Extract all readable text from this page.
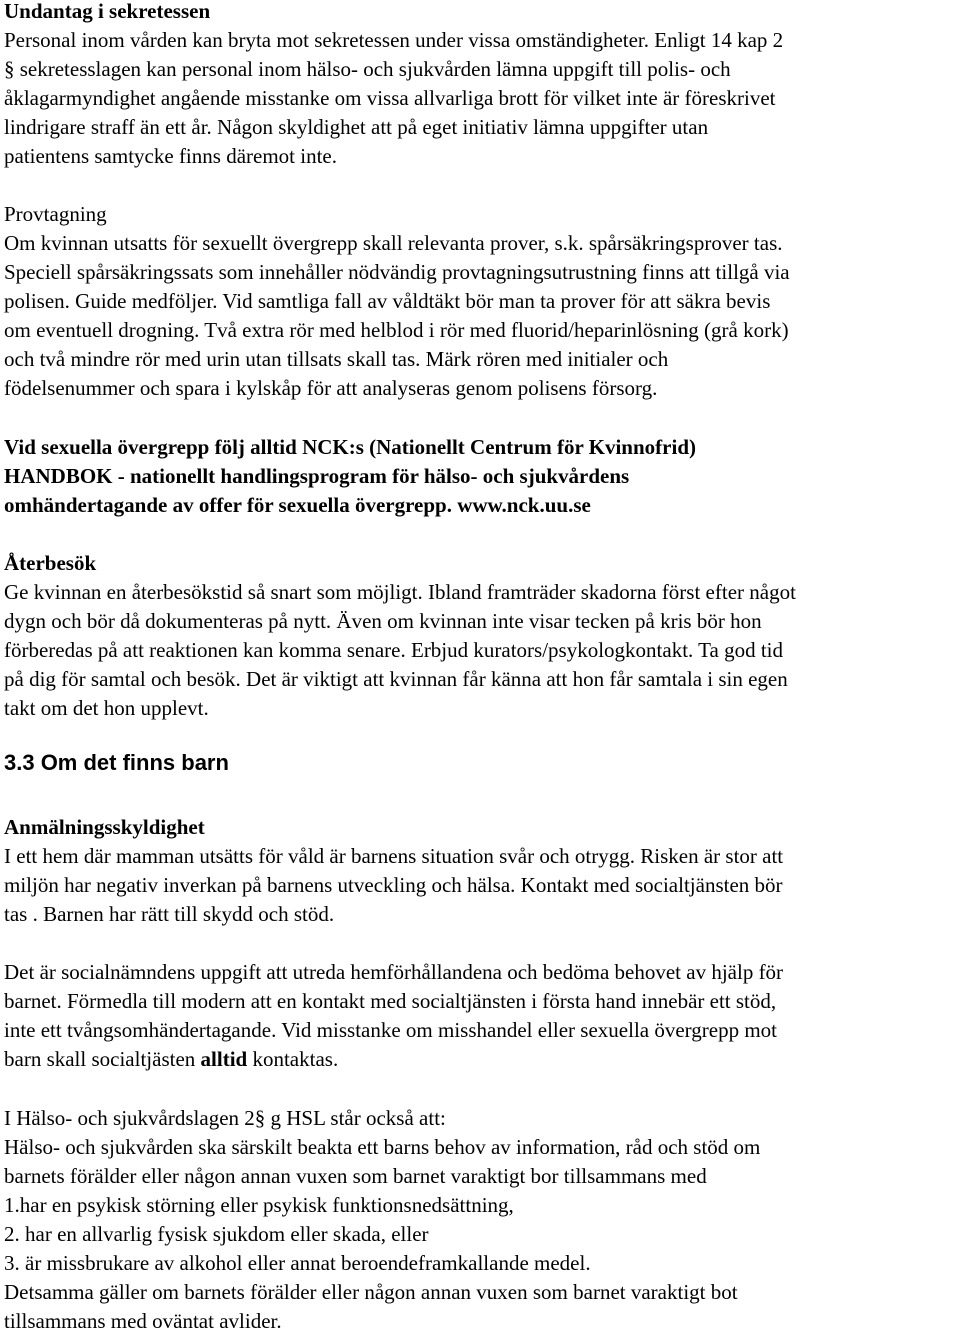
Undantag i sekretessen
Personal inom vården kan bryta mot sekretessen under vissa omständigheter. Enligt 14 kap 2
§ sekretesslagen kan personal inom hälso- och sjukvården lämna uppgift till polis- och
åklagarmyndighet angående misstanke om vissa allvarliga brott för vilket inte är föreskrivet
lindrigare straff än ett år. Någon skyldighet att på eget initiativ lämna uppgifter utan
patientens samtycke finns däremot inte.
Provtagning
Om kvinnan utsatts för sexuellt övergrepp skall relevanta prover, s.k. spårsäkringsprover tas.
Speciell spårsäkringssats som innehåller nödvändig provtagningsutrustning finns att tillgå via
polisen. Guide medföljer. Vid samtliga fall av våldtäkt bör man ta prover för att säkra bevis
om eventuell drogning. Två extra rör med helblod i rör med fluorid/heparinlösning (grå kork)
och två mindre rör med urin utan tillsats skall tas. Märk rören med initialer och
födelsenummer och spara i kylskåp för att analyseras genom polisens försorg.
Vid sexuella övergrepp följ alltid NCK:s (Nationellt Centrum för Kvinnofrid)
HANDBOK - nationellt handlingsprogram för hälso- och sjukvårdens
omhändertagande av offer för sexuella övergrepp. www.nck.uu.se
Återbesök
Ge kvinnan en återbesökstid så snart som möjligt. Ibland framträder skadorna först efter något
dygn och bör då dokumenteras på nytt. Även om kvinnan inte visar tecken på kris bör hon
förberedas på att reaktionen kan komma senare. Erbjud kurators/psykologkontakt. Ta god tid
på dig för samtal och besök. Det är viktigt att kvinnan får känna att hon får samtala i sin egen
takt om det hon upplevt.
3.3 Om det finns barn
Anmälningsskyldighet
I ett hem där mamman utsätts för våld är barnens situation svår och otrygg. Risken är stor att
miljön har negativ inverkan på barnens utveckling och hälsa. Kontakt med socialtjänsten bör
tas . Barnen har rätt till skydd och stöd.
Det är socialnämndens uppgift att utreda hemförhållandena och bedöma behovet av hjälp för
barnet. Förmedla till modern att en kontakt med socialtjänsten i första hand innebär ett stöd,
inte ett tvångsomhändertagande. Vid misstanke om misshandel eller sexuella övergrepp mot
barn skall socialtjästen alltid kontaktas.
I Hälso- och sjukvårdslagen 2§ g HSL står också att:
Hälso- och sjukvården ska särskilt beakta ett barns behov av information, råd och stöd om
barnets förälder eller någon annan vuxen som barnet varaktigt bor tillsammans med
1.har en psykisk störning eller psykisk funktionsnedsättning,
2. har en allvarlig fysisk sjukdom eller skada, eller
3. är missbrukare av alkohol eller annat beroendeframkallande medel.
Detsamma gäller om barnets förälder eller någon annan vuxen som barnet varaktigt bot
tillsammans med oväntat avlider.
